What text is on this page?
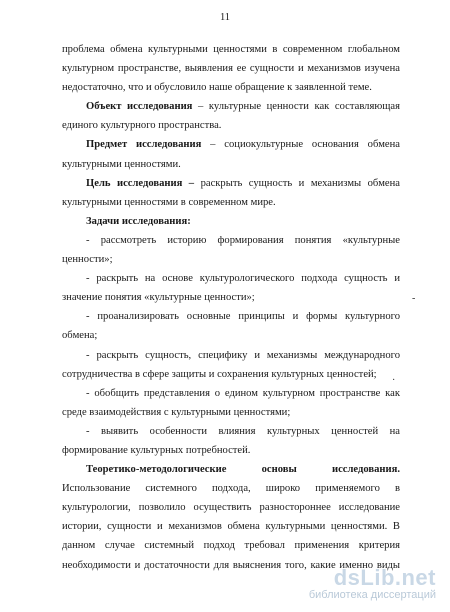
11
проблема обмена культурными ценностями в современном глобальном
культурном пространстве, выявления ее сущности и механизмов изучена
недостаточно, что и обусловило наше обращение к заявленной теме.
Объект исследования – культурные ценности как составляющая
единого культурного пространства.
Предмет исследования – социокультурные основания обмена
культурными ценностями.
Цель исследования – раскрыть сущность и механизмы обмена
культурными ценностями в современном мире.
Задачи исследования:
- рассмотреть историю формирования понятия «культурные
ценности»;
- раскрыть на основе культурологического подхода сущность и
значение понятия «культурные ценности»;
- проанализировать основные принципы и формы культурного
обмена;
- раскрыть сущность, специфику и механизмы международного
сотрудничества в сфере защиты и сохранения культурных ценностей;
- обобщить представления о едином культурном пространстве как
среде взаимодействия с культурными ценностями;
- выявить особенности влияния культурных ценностей на
формирование культурных потребностей.
Теоретико-методологические основы исследования.
Использование системного подхода, широко применяемого в
культурологии, позволило осуществить разностороннее исследование
истории, сущности и механизмов обмена культурными ценностями. В
данном случае системный подход требовал применения критерия
необходимости и достаточности для выяснения того, какие именно виды
-
·
dsLib.net
библиотека диссертаций
